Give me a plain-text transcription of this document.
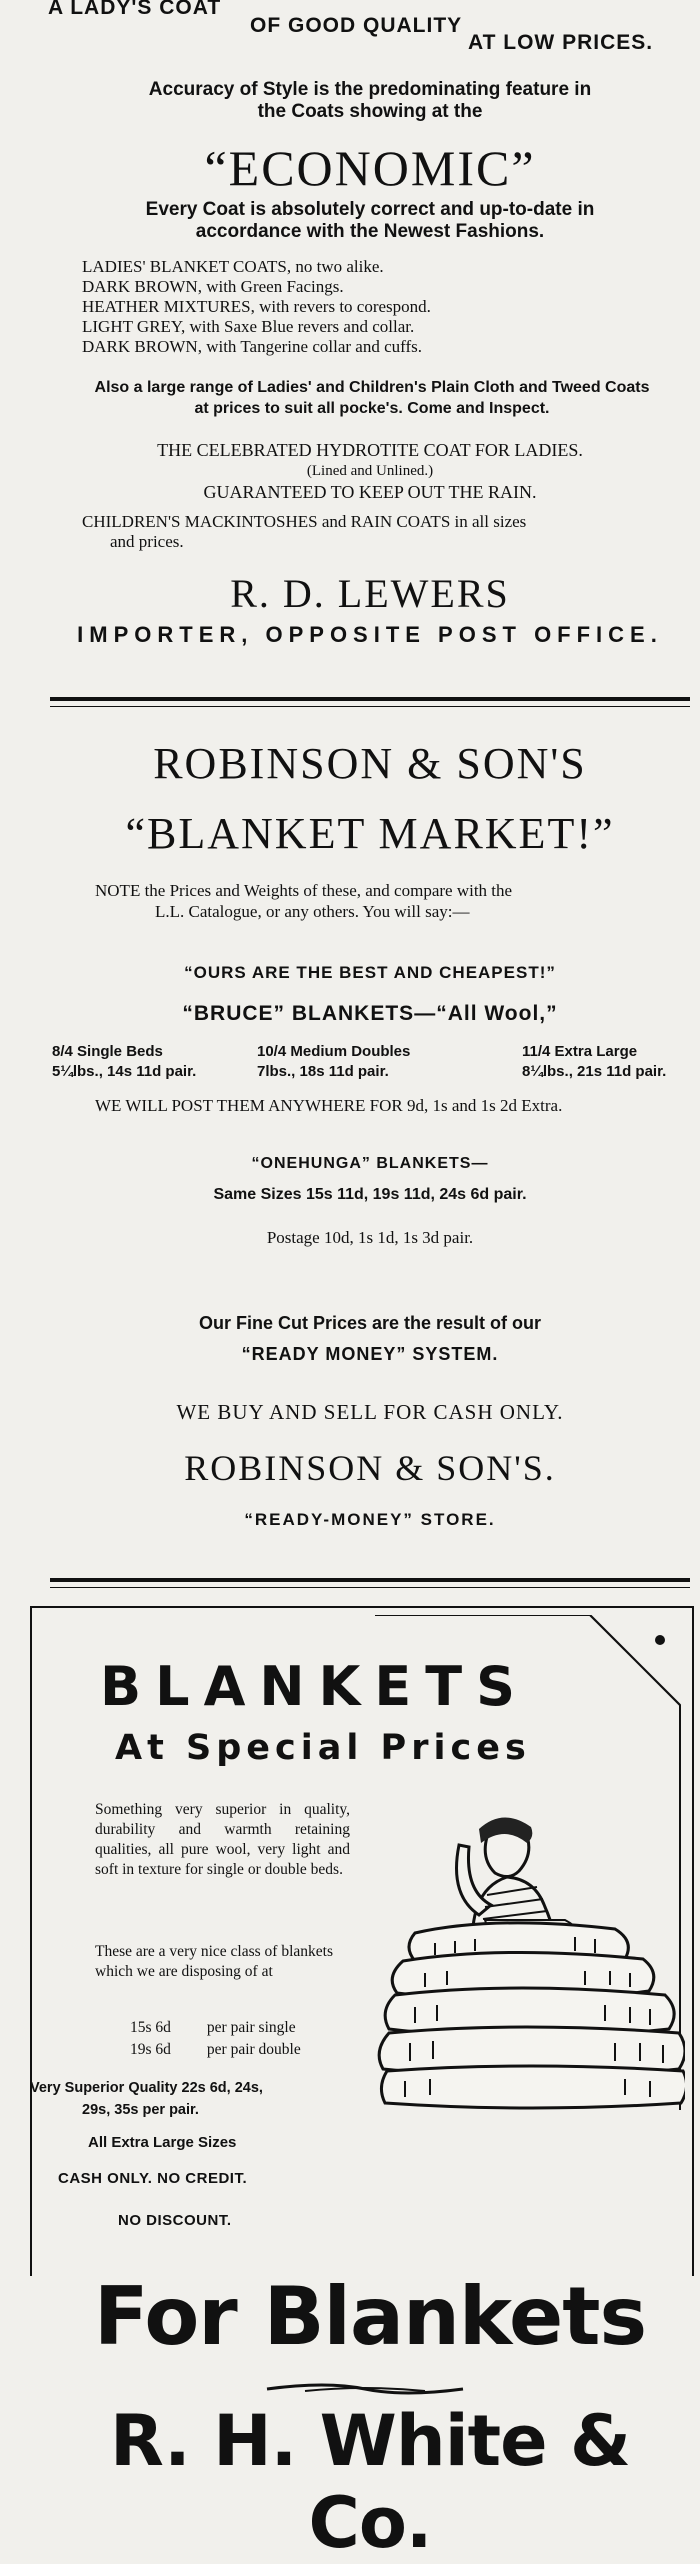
A LADY'S COAT
OF GOOD QUALITY
AT LOW PRICES.
Accuracy of Style is the predominating feature in
the Coats showing at the
“ECONOMIC”
Every Coat is absolutely correct and up-to-date in
accordance with the Newest Fashions.
LADIES' BLANKET COATS, no two alike.
DARK BROWN, with Green Facings.
HEATHER MIXTURES, with revers to corespond.
LIGHT GREY, with Saxe Blue revers and collar.
DARK BROWN, with Tangerine collar and cuffs.
Also a large range of Ladies' and Children's Plain Cloth and Tweed Coats
at prices to suit all pocke's. Come and Inspect.
THE CELEBRATED HYDROTITE COAT FOR LADIES.
(Lined and Unlined.)
GUARANTEED TO KEEP OUT THE RAIN.
CHILDREN'S MACKINTOSHES and RAIN COATS in all sizes
and prices.
R. D. LEWERS
IMPORTER, OPPOSITE POST OFFICE.
ROBINSON & SON'S
“BLANKET MARKET!”
NOTE the Prices and Weights of these, and compare with the
L.L. Catalogue, or any others. You will say:—
“OURS ARE THE BEST AND CHEAPEST!”
“BRUCE” BLANKETS—“All Wool,”
8/4 Single Beds
5¼lbs., 14s 11d pair.
10/4 Medium Doubles
7lbs., 18s 11d pair.
11/4 Extra Large
8¼lbs., 21s 11d pair.
WE WILL POST THEM ANYWHERE FOR 9d, 1s and 1s 2d Extra.
“ONEHUNGA” BLANKETS—
Same Sizes 15s 11d, 19s 11d, 24s 6d pair.
Postage 10d, 1s 1d, 1s 3d pair.
Our Fine Cut Prices are the result of our
“READY MONEY” SYSTEM.
WE BUY AND SELL FOR CASH ONLY.
ROBINSON & SON'S.
“READY-MONEY” STORE.
BLANKETS
At Special Prices
Something very superior in quality, durability and warmth retaining qualities, all pure wool, very light and soft in texture for single or double beds.
These are a very nice class of blankets which we are disposing of at
15s 6d per pair single
19s 6d per pair double
Very Superior Quality 22s 6d, 24s,
29s, 35s per pair.
All Extra Large Sizes
CASH ONLY. NO CREDIT.
NO DISCOUNT.
For Blankets
R. H. White & Co.
